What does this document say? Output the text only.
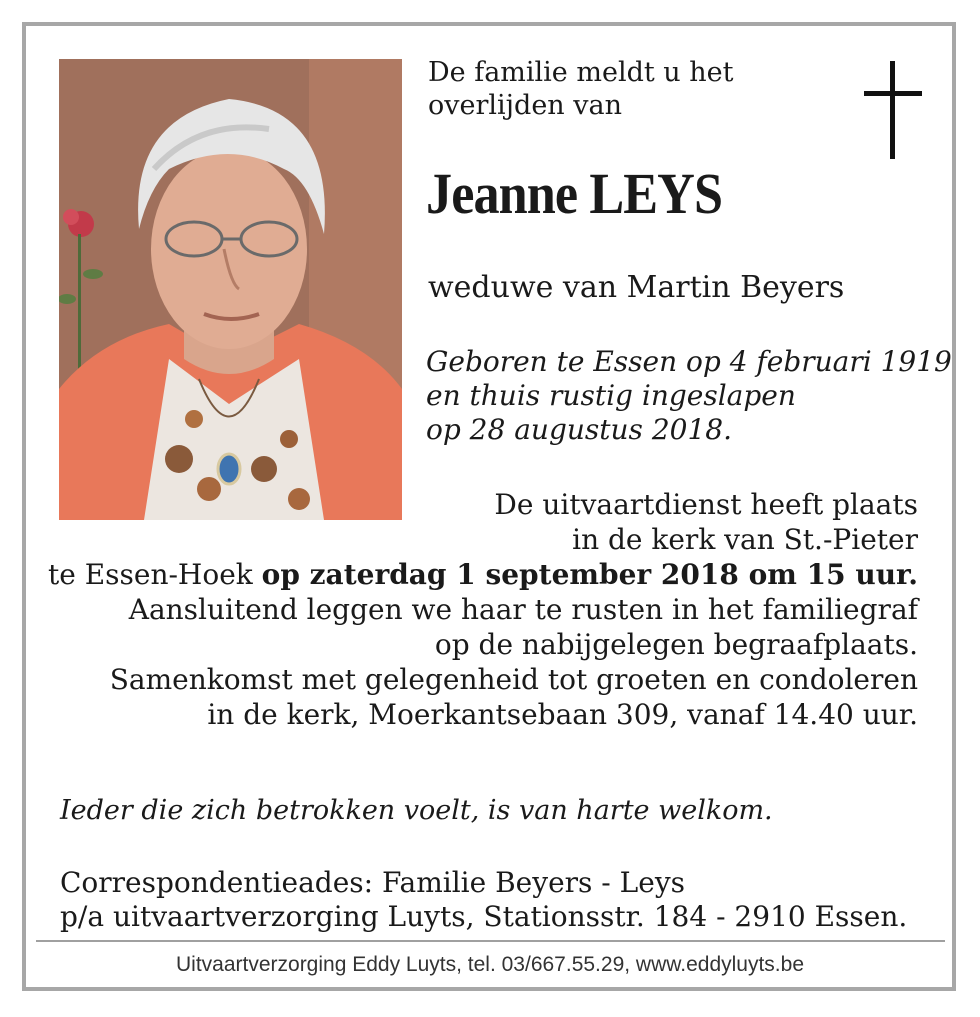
De familie meldt u het
overlijden van
Jeanne LEYS
weduwe van Martin Beyers
Geboren te Essen op 4 februari 1919
en thuis rustig ingeslapen
op 28 augustus 2018.
De uitvaartdienst heeft plaats
in de kerk van St.-Pieter
te Essen-Hoek op zaterdag 1 september 2018 om 15 uur.
Aansluitend leggen we haar te rusten in het familiegraf
op de nabijgelegen begraafplaats.
Samenkomst met gelegenheid tot groeten en condoleren
in de kerk, Moerkantsebaan 309, vanaf 14.40 uur.
Ieder die zich betrokken voelt, is van harte welkom.
Correspondentieades: Familie Beyers - Leys
p/a uitvaartverzorging Luyts, Stationsstr. 184 - 2910 Essen.
Uitvaartverzorging Eddy Luyts, tel. 03/667.55.29, www.eddyluyts.be
